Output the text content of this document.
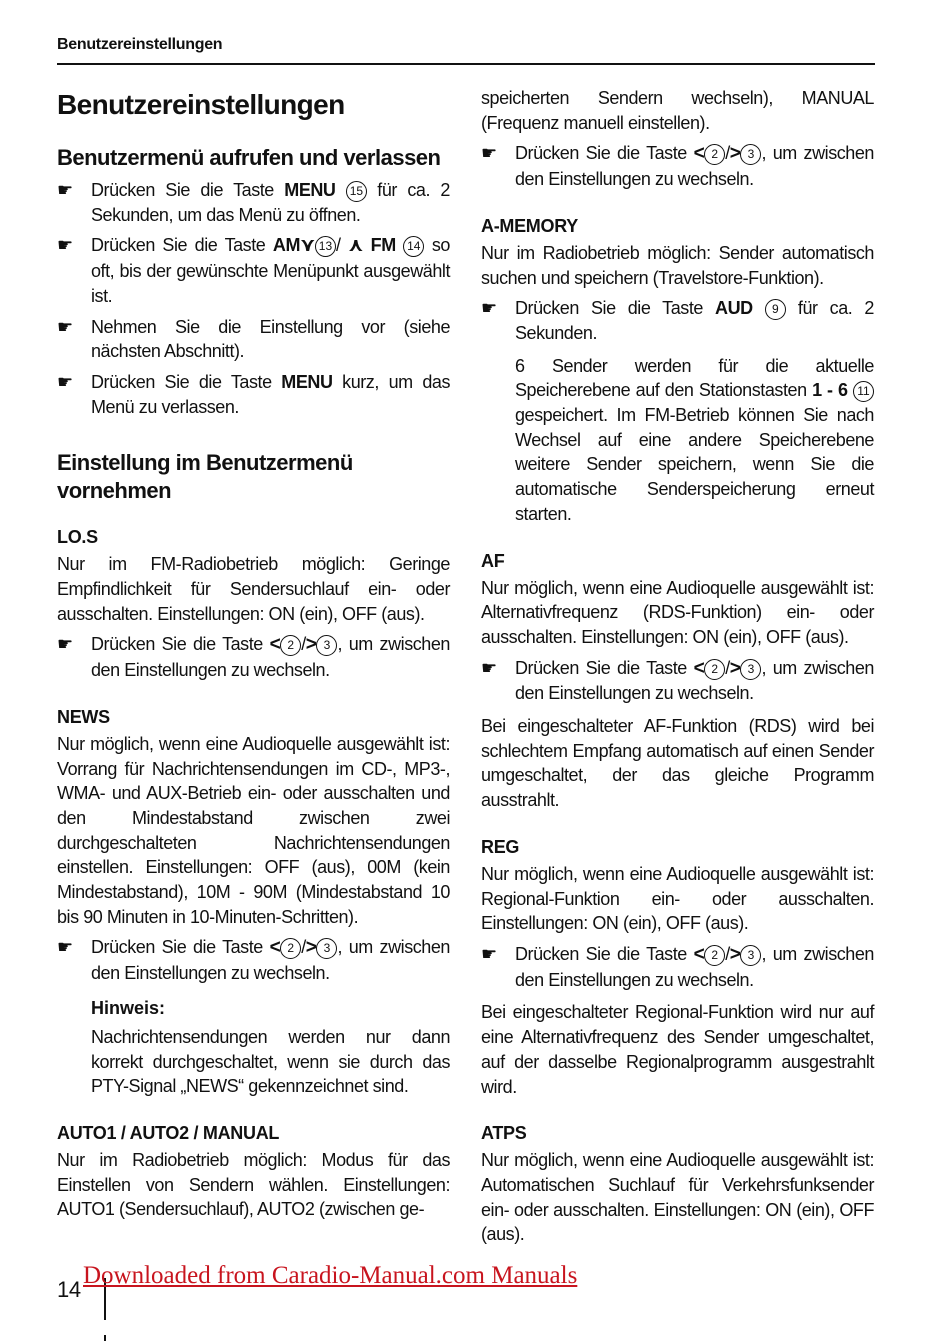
Benutzereinstellungen
Benutzereinstellungen
Benutzermenü aufrufen und verlassen

☛ Drücken Sie die Taste MENU 15 für ca. 2 Sekunden, um das Menü zu öffnen.

☛ Drücken Sie die Taste AM⋎ 13 / ⋏ FM 14 so oft, bis der gewünschte Menüpunkt ausgewählt ist.

☛ Nehmen Sie die Einstellung vor (siehe nächsten Abschnitt).

☛ Drücken Sie die Taste MENU kurz, um das Menü zu verlassen.

Einstellung im Benutzermenü vornehmen
LO.S

Nur im FM-Radiobetrieb möglich: Geringe Empfindlichkeit für Sendersuchlauf ein- oder ausschalten. Einstellungen: ON (ein), OFF (aus).

☛ Drücken Sie die Taste < 2 /> 3 , um zwischen den Einstellungen zu wechseln.

NEWS

Nur möglich, wenn eine Audioquelle ausgewählt ist: Vorrang für Nachrichtensendungen im CD-, MP3-, WMA- und AUX-Betrieb ein- oder ausschalten und den Mindestabstand zwischen zwei durchgeschalteten Nachrichtensendungen einstellen. Einstellungen: OFF (aus), 00M (kein Mindestabstand), 10M - 90M (Mindestabstand 10 bis 90 Minuten in 10-Minuten-Schritten).

☛ Drücken Sie die Taste < 2 /> 3 , um zwischen den Einstellungen zu wechseln.

Hinweis:

Nachrichtensendungen werden nur dann korrekt durchgeschaltet, wenn sie durch das PTY-Signal „NEWS“ gekennzeichnet sind.

AUTO1 / AUTO2 / MANUAL

Nur im Radiobetrieb möglich: Modus für das Einstellen von Sendern wählen. Einstellungen: AUTO1 (Sendersuchlauf), AUTO2 (zwischen ge-

speicherten Sendern wechseln), MANUAL (Frequenz manuell einstellen).

☛ Drücken Sie die Taste < 2 /> 3 , um zwischen den Einstellungen zu wechseln.

A-MEMORY

Nur im Radiobetrieb möglich: Sender automatisch suchen und speichern (Travelstore-Funktion).

☛ Drücken Sie die Taste AUD 9 für ca. 2 Sekunden.

6 Sender werden für die aktuelle Speicherebene auf den Stationstasten 1 - 6 11 gespeichert. Im FM-Betrieb können Sie nach Wechsel auf eine andere Speicherebene weitere Sender speichern, wenn Sie die automatische Senderspeicherung erneut starten.

AF

Nur möglich, wenn eine Audioquelle ausgewählt ist: Alternativfrequenz (RDS-Funktion) ein- oder ausschalten. Einstellungen: ON (ein), OFF (aus).

☛ Drücken Sie die Taste < 2 /> 3 , um zwischen den Einstellungen zu wechseln.

Bei eingeschalteter AF-Funktion (RDS) wird bei schlechtem Empfang automatisch auf einen Sender umgeschaltet, der das gleiche Programm ausstrahlt.

REG

Nur möglich, wenn eine Audioquelle ausgewählt ist: Regional-Funktion ein- oder ausschalten. Einstellungen: ON (ein), OFF (aus).

☛ Drücken Sie die Taste < 2 /> 3 , um zwischen den Einstellungen zu wechseln.

Bei eingeschalteter Regional-Funktion wird nur auf eine Alternativfrequenz des Sender umgeschaltet, auf der dasselbe Regionalprogramm ausgestrahlt wird.

ATPS

Nur möglich, wenn eine Audioquelle ausgewählt ist: Automatischen Suchlauf für Verkehrsfunksender ein- oder ausschalten. Einstellungen: ON (ein), OFF (aus).

14
Downloaded from Caradio-Manual.com Manuals
